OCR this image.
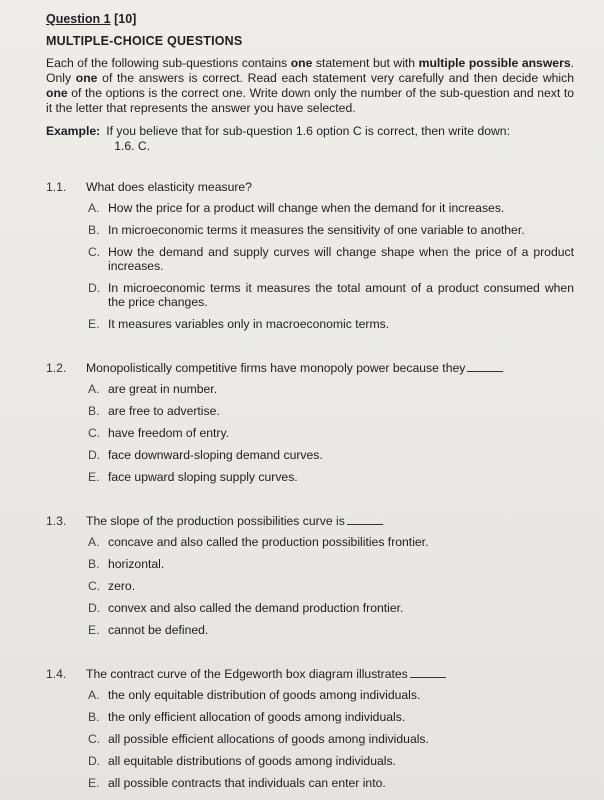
Question 1 [10]
MULTIPLE-CHOICE QUESTIONS

Each of the following sub-questions contains one statement but with multiple possible answers. Only one of the answers is correct. Read each statement very carefully and then decide which one of the options is the correct one. Write down only the number of the sub-question and next to it the letter that represents the answer you have selected.

Example: If you believe that for sub-question 1.6 option C is correct, then write down:
1.6. C.
1.1.	What does elasticity measure?
A. How the price for a product will change when the demand for it increases.
B. In microeconomic terms it measures the sensitivity of one variable to another.
C. How the demand and supply curves will change shape when the price of a product increases.
D. In microeconomic terms it measures the total amount of a product consumed when the price changes.
E. It measures variables only in macroeconomic terms.
1.2.	Monopolistically competitive firms have monopoly power because they
A. are great in number.
B. are free to advertise.
C. have freedom of entry.
D. face downward-sloping demand curves.
E. face upward sloping supply curves.
1.3.	The slope of the production possibilities curve is
A. concave and also called the production possibilities frontier.
B. horizontal.
C. zero.
D. convex and also called the demand production frontier.
E. cannot be defined.
1.4.	The contract curve of the Edgeworth box diagram illustrates
A. the only equitable distribution of goods among individuals.
B. the only efficient allocation of goods among individuals.
C. all possible efficient allocations of goods among individuals.
D. all equitable distributions of goods among individuals.
E. all possible contracts that individuals can enter into.
